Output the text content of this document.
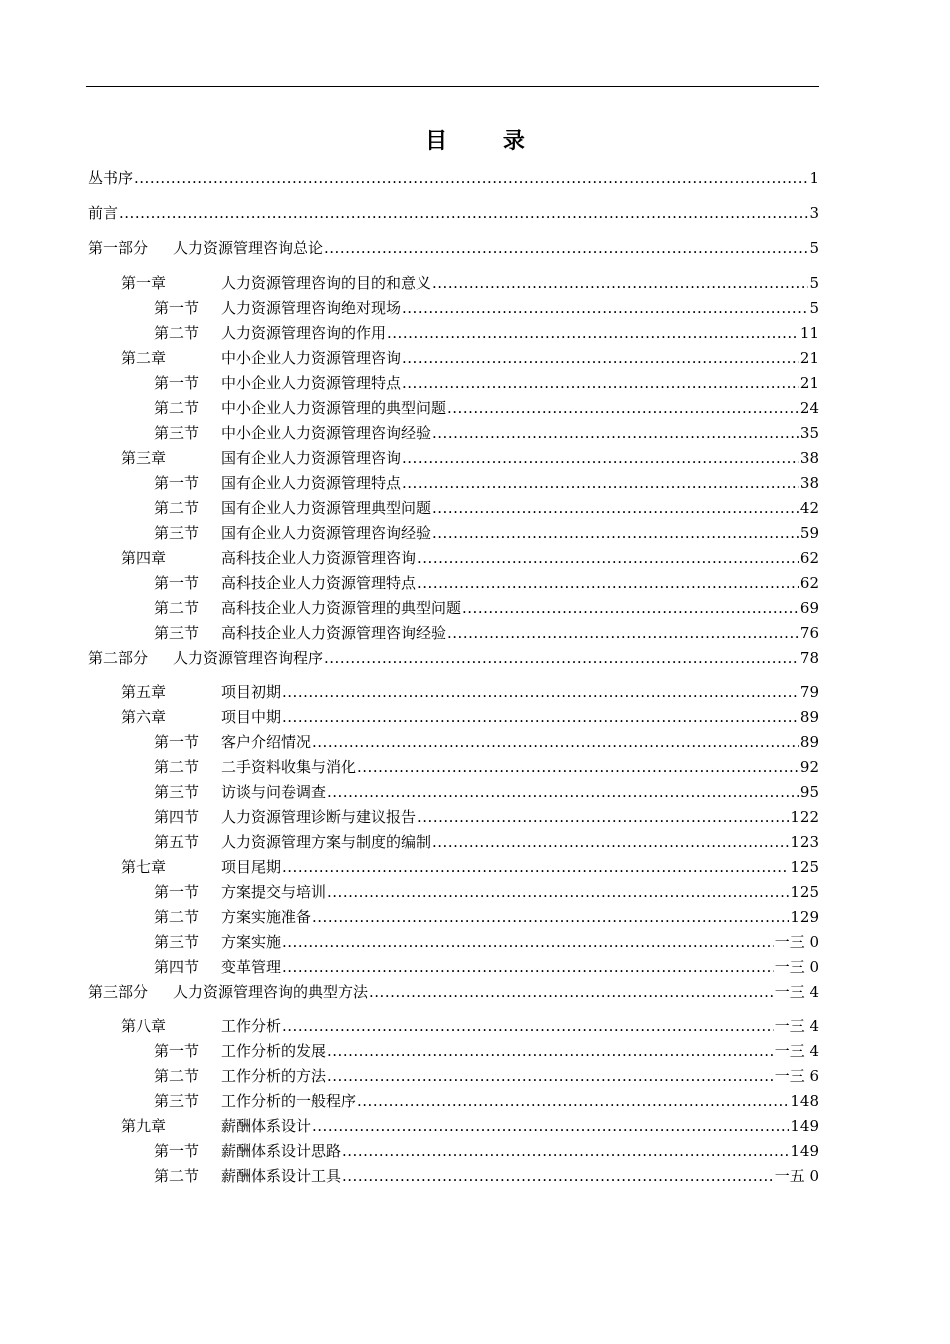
目 录
丛书序 .....	1
前言 .....	3
第一部分	人力资源管理咨询总论 .....	5
第一章	人力资源管理咨询的目的和意义 .....	5
第一节	人力资源管理咨询绝对现场 .....	5
第二节	人力资源管理咨询的作用 .....	11
第二章	中小企业人力资源管理咨询 .....	21
第一节	中小企业人力资源管理特点 .....	21
第二节	中小企业人力资源管理的典型问题 .....	24
第三节	中小企业人力资源管理咨询经验 .....	35
第三章	国有企业人力资源管理咨询 .....	38
第一节	国有企业人力资源管理特点 .....	38
第二节	国有企业人力资源管理典型问题 .....	42
第三节	国有企业人力资源管理咨询经验 .....	59
第四章	高科技企业人力资源管理咨询 .....	62
第一节	高科技企业人力资源管理特点 .....	62
第二节	高科技企业人力资源管理的典型问题 .....	69
第三节	高科技企业人力资源管理咨询经验 .....	76
第二部分	人力资源管理咨询程序 .....	78
第五章	项目初期 .....	79
第六章	项目中期 .....	89
第一节	客户介绍情况 .....	89
第二节	二手资料收集与消化 .....	92
第三节	访谈与问卷调查 .....	95
第四节	人力资源管理诊断与建议报告 .....	122
第五节	人力资源管理方案与制度的编制 .....	123
第七章	项目尾期 .....	125
第一节	方案提交与培训 .....	125
第二节	方案实施准备 .....	129
第三节	方案实施 .....	一三 0
第四节	变革管理 .....	一三 0
第三部分	人力资源管理咨询的典型方法 .....	一三 4
第八章	工作分析 .....	一三 4
第一节	工作分析的发展 .....	一三 4
第二节	工作分析的方法 .....	一三 6
第三节	工作分析的一般程序 .....	148
第九章	薪酬体系设计 .....	149
第一节	薪酬体系设计思路 .....	149
第二节	薪酬体系设计工具 .....	一五 0
